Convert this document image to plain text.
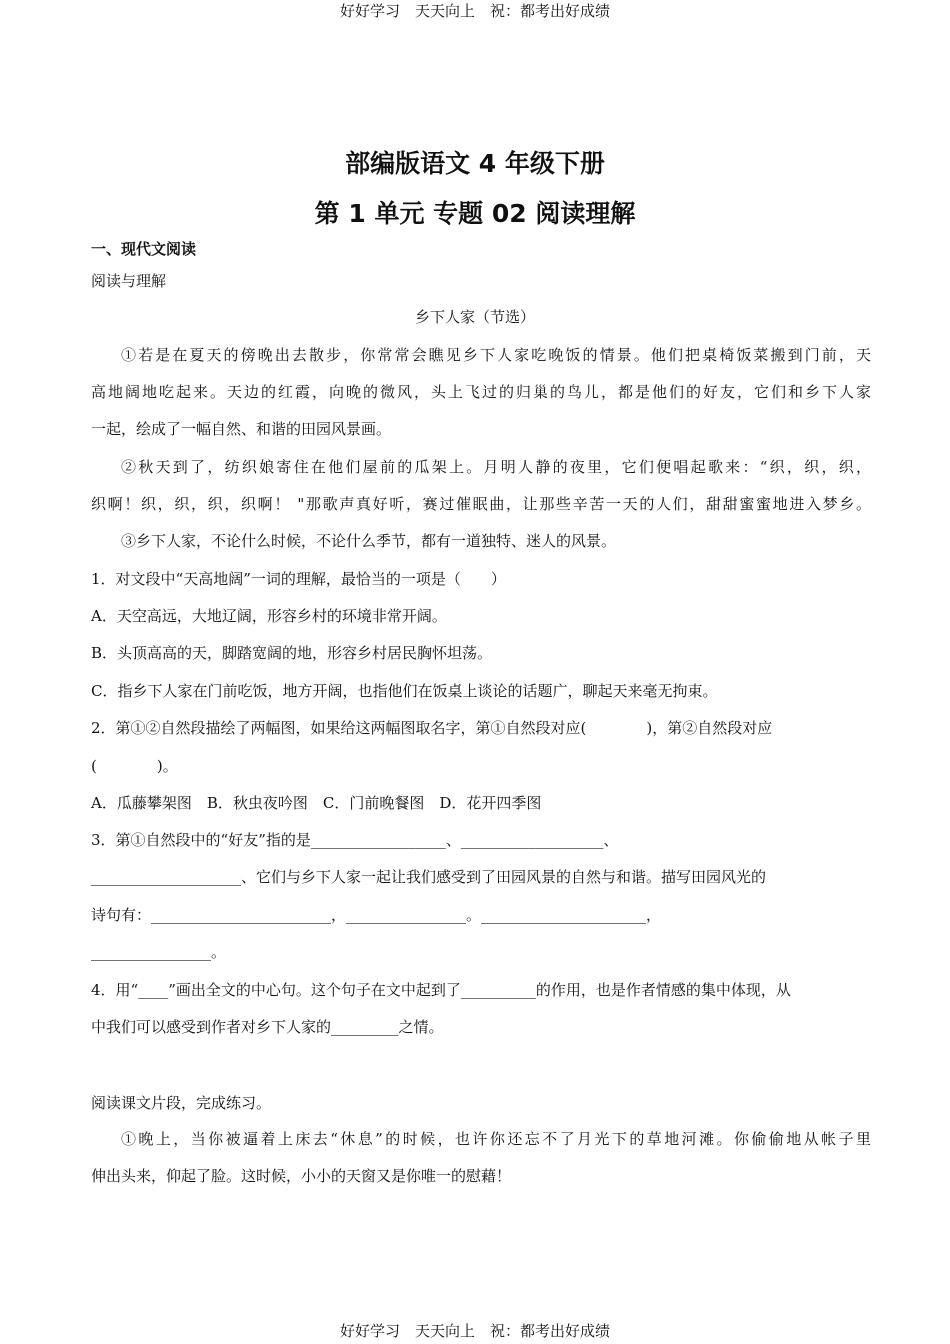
好好学习　天天向上　祝：都考出好成绩
部编版语文 4 年级下册
第 1 单元 专题 02 阅读理解
一、现代文阅读
阅读与理解
乡下人家（节选）
①若是在夏天的傍晚出去散步，你常常会瞧见乡下人家吃晚饭的情景。他们把桌椅饭菜搬到门前，天
高地阔地吃起来。天边的红霞，向晚的微风，头上飞过的归巢的鸟儿，都是他们的好友，它们和乡下人家
一起，绘成了一幅自然、和谐的田园风景画。
②秋天到了，纺织娘寄住在他们屋前的瓜架上。月明人静的夜里，它们便唱起歌来：“织，织，织，
织啊！织，织，织，织啊！ "那歌声真好听，赛过催眠曲，让那些辛苦一天的人们，甜甜蜜蜜地进入梦乡。
③乡下人家，不论什么时候，不论什么季节，都有一道独特、迷人的风景。
1．对文段中“天高地阔”一词的理解，最恰当的一项是（　　）
A．天空高远，大地辽阔，形容乡村的环境非常开阔。
B．头顶高高的天，脚踏宽阔的地，形容乡村居民胸怀坦荡。
C．指乡下人家在门前吃饭，地方开阔，也指他们在饭桌上谈论的话题广，聊起天来毫无拘束。
2．第①②自然段描绘了两幅图，如果给这两幅图取名字，第①自然段对应(　　　　)，第②自然段对应
(　　　　)。
A．瓜藤攀架图　B．秋虫夜吟图　C．门前晚餐图　D．花开四季图
3．第①自然段中的“好友”指的是__________________、___________________、
____________________、它们与乡下人家一起让我们感受到了田园风景的自然与和谐。描写田园风光的
诗句有：________________________，________________。______________________，
________________。
4．用“____”画出全文的中心句。这个句子在文中起到了__________的作用，也是作者情感的集中体现，从
中我们可以感受到作者对乡下人家的_________之情。
阅读课文片段，完成练习。
①晚上，当你被逼着上床去“休息”的时候，也许你还忘不了月光下的草地河滩。你偷偷地从帐子里
伸出头来，仰起了脸。这时候，小小的天窗又是你唯一的慰藉！
好好学习　天天向上　祝：都考出好成绩
